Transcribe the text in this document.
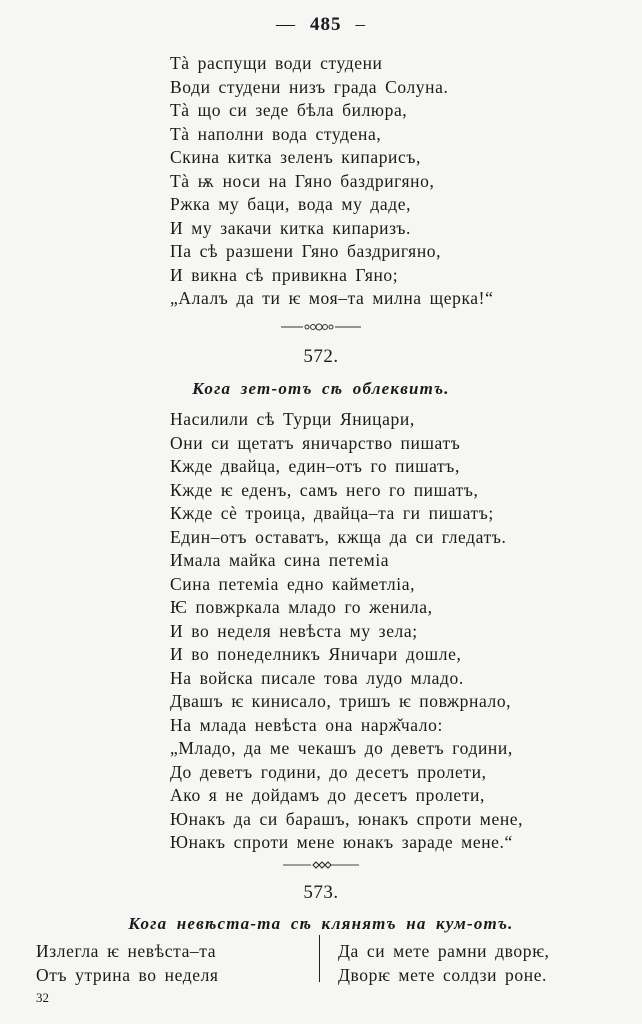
— 485 –
Тà распущи води студени
Води студени низъ града Солуна.
Тà що си зеде бѣла билюра,
Тà наполни вода студена,
Скина китка зеленъ кипарисъ,
Тà ѭ носи на Гяно баздригяно,
Ржка му баци, вода му даде,
И му закачи китка кипаризъ.
Па сѣ разшени Гяно баздригяно,
И викна сѣ привикна Гяно;
„Алалъ да ти ѥ моя–та милна щерка!“
572.
Кога зет-отъ сѣ облеквитъ.
Насилили сѣ Турци Яницари,
Они си щетатъ яничарство пишатъ
Кжде двайца, един–отъ го пишатъ,
Кжде ѥ еденъ, самъ него го пишатъ,
Кжде сè троица, двайца–та ги пишатъ;
Един–отъ оставатъ, кжща да си гледатъ.
Имала майка сина петеміа
Сина петеміа едно кайметліа,
Ѥ повжркала младо го женила,
И во неделя невѣста му зела;
И во понеделникъ Яничари дошле,
На войска писале това лудо младо.
Двашъ ѥ кинисало, тришъ ѥ повжрнало,
На млада невѣста она нарж̌чало:
„Младо, да ме чекашъ до деветъ години,
До деветъ години, до десетъ пролети,
Ако я не дойдамъ до десетъ пролети,
Юнакъ да си барашъ, юнакъ спроти мене,
Юнакъ спроти мене юнакъ зараде мене.“
573.
Кога невѣста-та сѣ клянятъ на кум-отъ.
Излегла ѥ невѣста–та
Отъ утрина во неделя
Да си мете рамни дворѥ,
Дворѥ мете солдзи роне.
32
